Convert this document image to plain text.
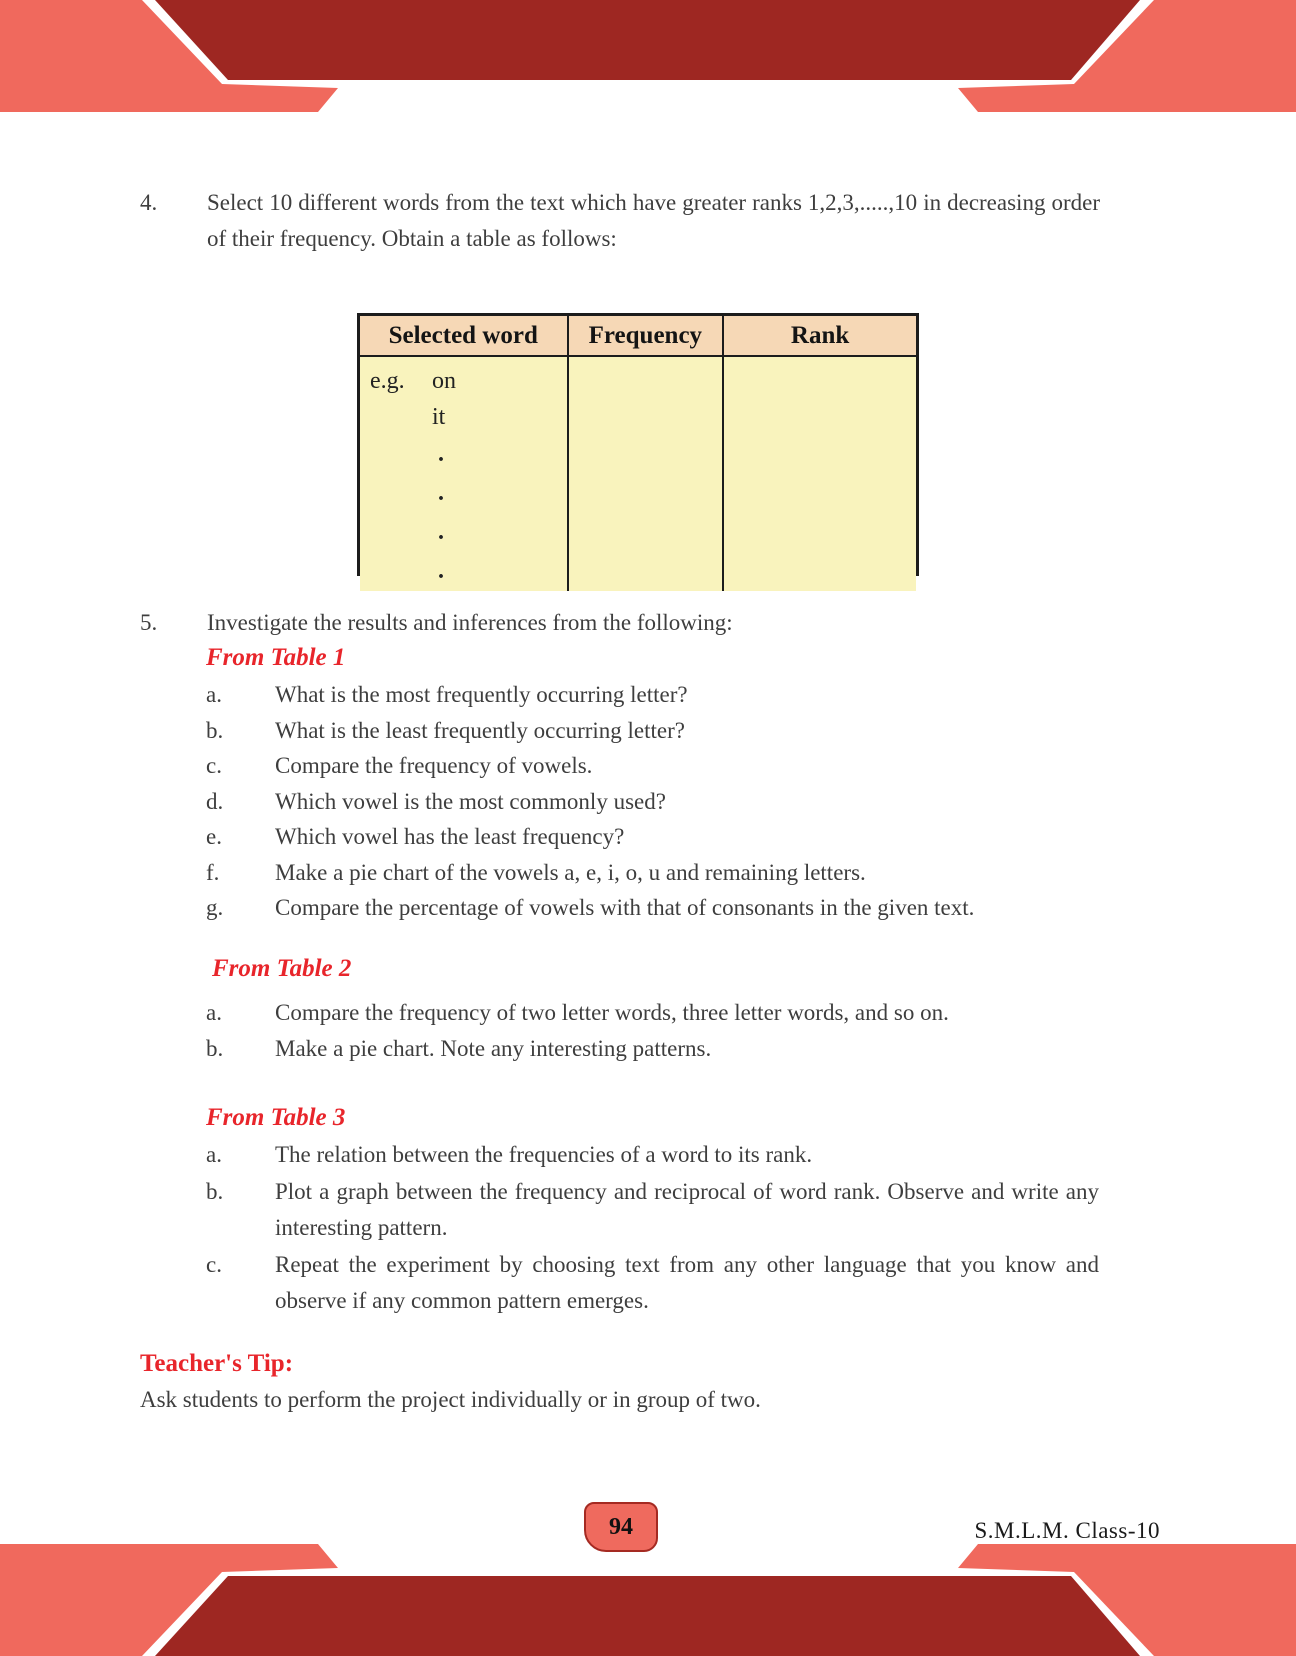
4. Select 10 different words from the text which have greater ranks 1,2,3,.....,10 in decreasing order of their frequency. Obtain a table as follows:
Selected word	Frequency	Rank
e.g.	on
it
.
.
.
.
5. Investigate the results and inferences from the following:
From Table 1
a. What is the most frequently occurring letter?
b. What is the least frequently occurring letter?
c. Compare the frequency of vowels.
d. Which vowel is the most commonly used?
e. Which vowel has the least frequency?
f. Make a pie chart of the vowels a, e, i, o, u and remaining letters.
g. Compare the percentage of vowels with that of consonants in the given text.
From Table 2
a. Compare the frequency of two letter words, three letter words, and so on.
b. Make a pie chart. Note any interesting patterns.
From Table 3
a. The relation between the frequencies of a word to its rank.
b. Plot a graph between the frequency and reciprocal of word rank. Observe and write any interesting pattern.
c. Repeat the experiment by choosing text from any other language that you know and observe if any common pattern emerges.
Teacher's Tip:
Ask students to perform the project individually or in group of two.
94	S.M.L.M. Class-10
